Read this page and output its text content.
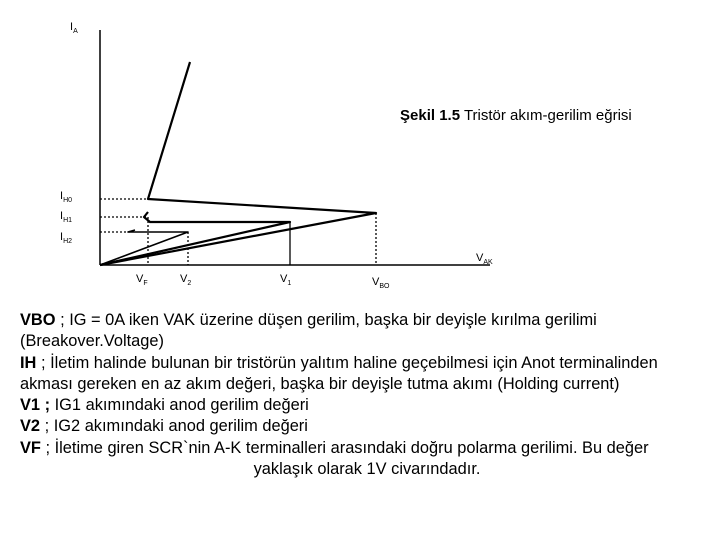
$I_A$
$V_{AK}$
Şekil 1.5 Tristör akım-gerilim eğrisi
$I_{H0}$
$I_{H1}$
$I_{H2}$
$V_F$	$V_2$	$V_1$	$V_{BO}$

VBO ; IG = 0A iken VAK üzerine düşen gerilim, başka bir deyişle kırılma gerilimi (Breakover.Voltage)

IH ; İletim halinde bulunan bir tristörün yalıtım haline geçebilmesi için Anot terminalinden akması gereken en az akım değeri, başka bir deyişle tutma akımı (Holding current)

V1 ; IG1 akımındaki anod gerilim değeri

V2 ; IG2 akımındaki anod gerilim değeri

VF ; İletime giren SCR`nin A-K terminalleri arasındaki doğru polarma gerilimi. Bu değer

yaklaşık olarak 1V civarındadır.
